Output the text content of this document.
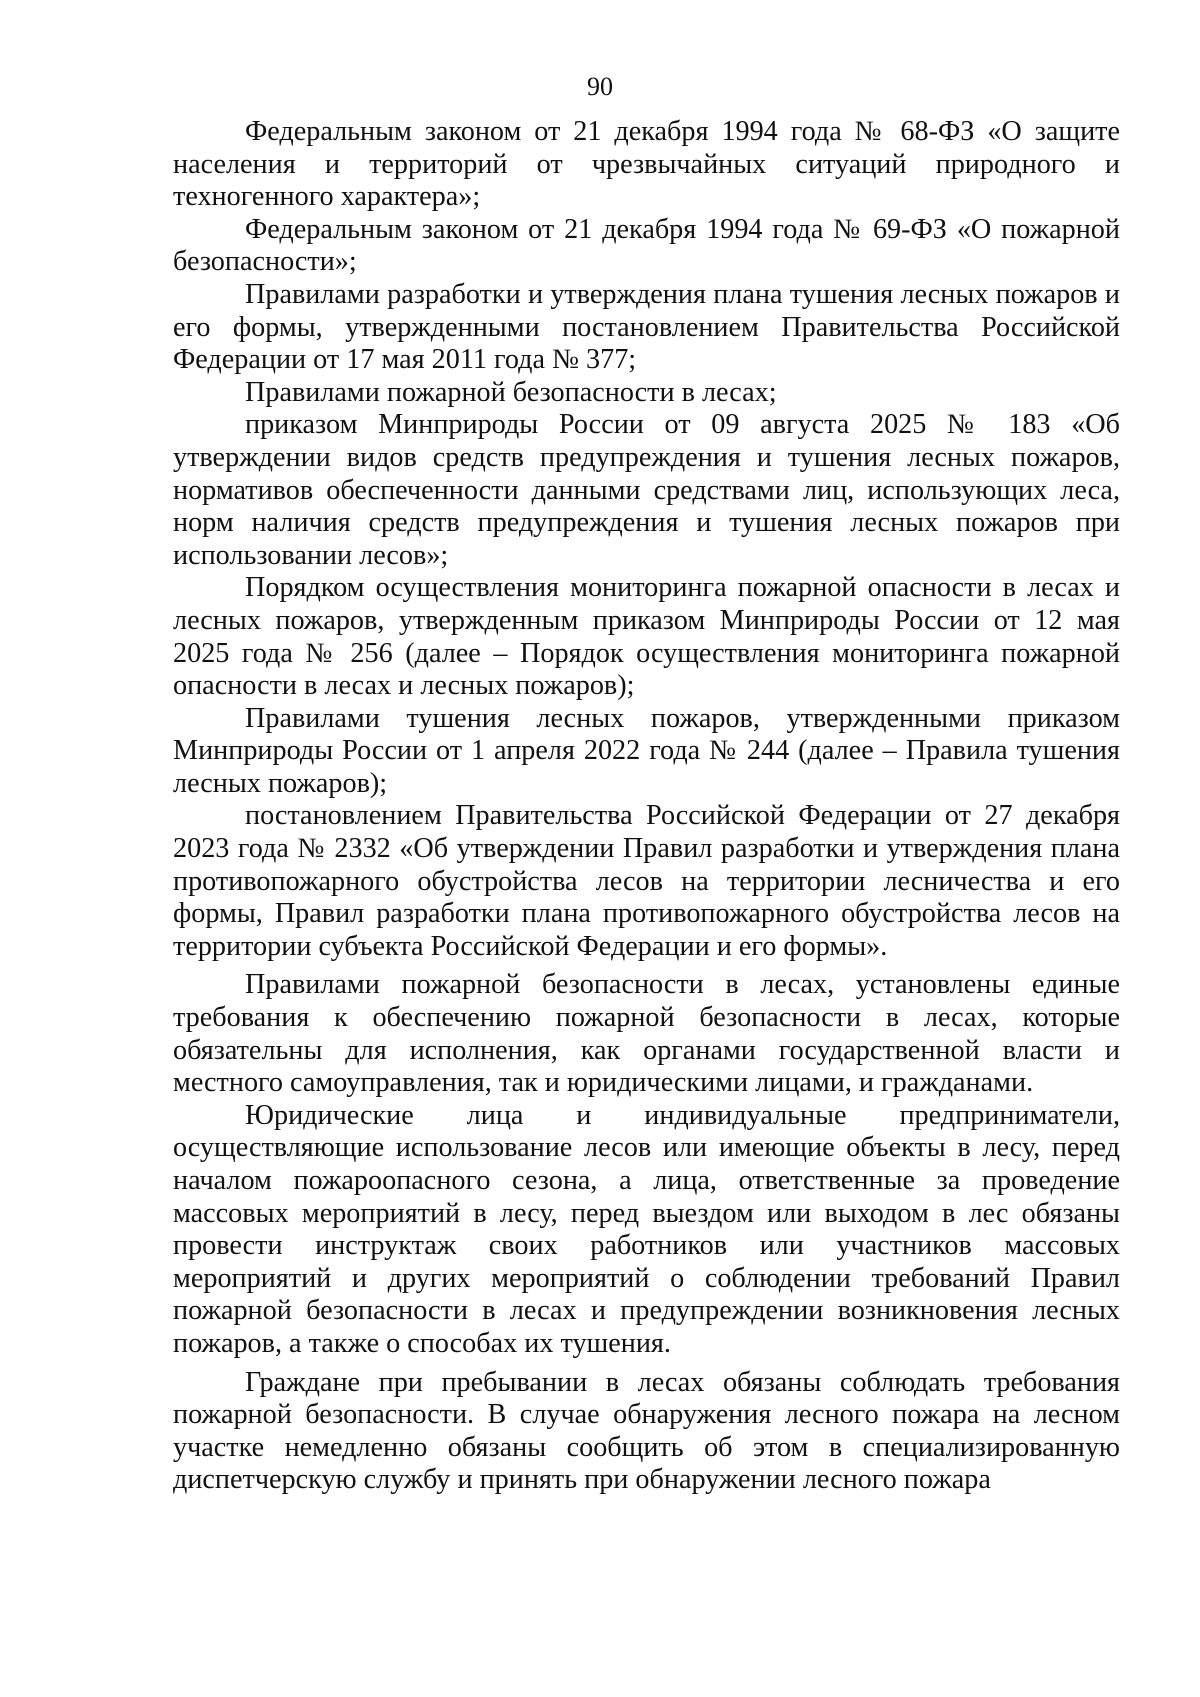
90

Федеральным законом от 21 декабря 1994 года № 68-ФЗ «О защите населения и территорий от чрезвычайных ситуаций природного и техногенного характера»;

Федеральным законом от 21 декабря 1994 года № 69-ФЗ «О пожарной безопасности»;

Правилами разработки и утверждения плана тушения лесных пожаров и его формы, утвержденными постановлением Правительства Российской Федерации от 17 мая 2011 года № 377;

Правилами пожарной безопасности в лесах;

приказом Минприроды России от 09 августа 2025 № 183 «Об утверждении видов средств предупреждения и тушения лесных пожаров, нормативов обеспеченности данными средствами лиц, использующих леса, норм наличия средств предупреждения и тушения лесных пожаров при использовании лесов»;

Порядком осуществления мониторинга пожарной опасности в лесах и лесных пожаров, утвержденным приказом Минприроды России от 12 мая 2025 года № 256 (далее – Порядок осуществления мониторинга пожарной опасности в лесах и лесных пожаров);

Правилами тушения лесных пожаров, утвержденными приказом Минприроды России от 1 апреля 2022 года № 244 (далее – Правила тушения лесных пожаров);

постановлением Правительства Российской Федерации от 27 декабря 2023 года № 2332 «Об утверждении Правил разработки и утверждения плана противопожарного обустройства лесов на территории лесничества и его формы, Правил разработки плана противопожарного обустройства лесов на территории субъекта Российской Федерации и его формы».

Правилами пожарной безопасности в лесах, установлены единые требования к обеспечению пожарной безопасности в лесах, которые обязательны для исполнения, как органами государственной власти и местного самоуправления, так и юридическими лицами, и гражданами.

Юридические лица и индивидуальные предприниматели, осуществляющие использование лесов или имеющие объекты в лесу, перед началом пожароопасного сезона, а лица, ответственные за проведение массовых мероприятий в лесу, перед выездом или выходом в лес обязаны провести инструктаж своих работников или участников массовых мероприятий и других мероприятий о соблюдении требований Правил пожарной безопасности в лесах и предупреждении возникновения лесных пожаров, а также о способах их тушения.

Граждане при пребывании в лесах обязаны соблюдать требования пожарной безопасности. В случае обнаружения лесного пожара на лесном участке немедленно обязаны сообщить об этом в специализированную диспетчерскую службу и принять при обнаружении лесного пожара
